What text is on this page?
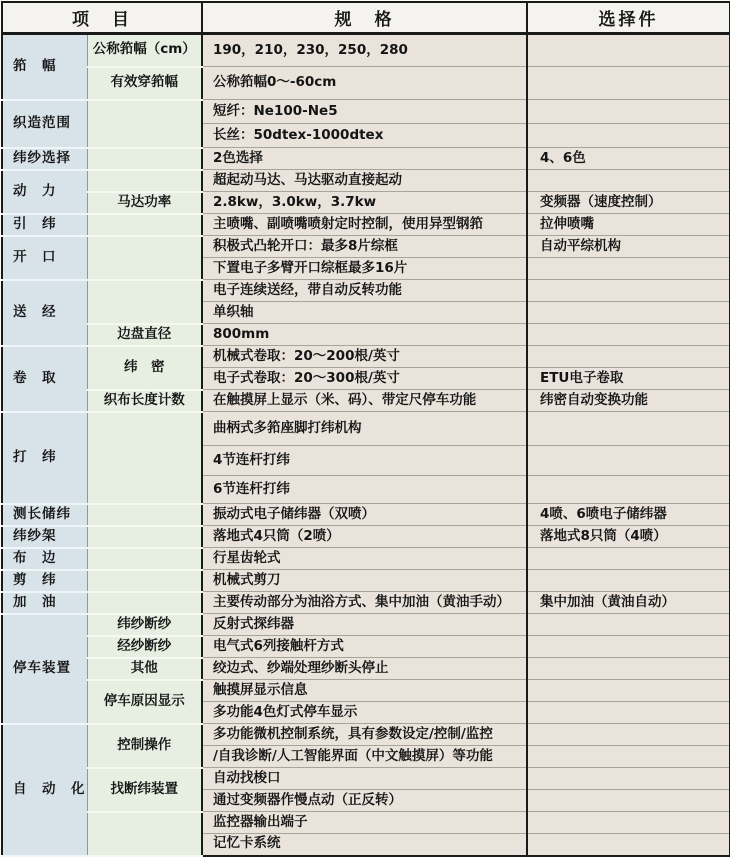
项　目		规　格	选择件
筘　幅	公称筘幅（cm）	190，210，230，250，280	
	有效穿筘幅	公称筘幅0～-60cm	
织造范围		短纤：Ne100-Ne5	
		长丝：50dtex-1000dtex	
纬纱选择		2色选择	4、6色
动　力		超起动马达、马达驱动直接起动	
	马达功率	2.8kw，3.0kw，3.7kw	变频器（速度控制）
引　纬		主喷嘴、副喷嘴喷射定时控制，使用异型钢筘	拉伸喷嘴
开　口		积极式凸轮开口：最多8片综框	自动平综机构
		下置电子多臂开口综框最多16片	
送　经		电子连续送经，带自动反转功能	
		单织轴	
	边盘直径	800mm	
卷　取	纬　密	机械式卷取：20～200根/英寸	
		电子式卷取：20～300根/英寸	ETU电子卷取
	织布长度计数	在触摸屏上显示（米、码）、带定尺停车功能	纬密自动变换功能
打　纬		曲柄式多筘座脚打纬机构	
		4节连杆打纬	
		6节连杆打纬	
测长储纬		振动式电子储纬器（双喷）	4喷、6喷电子储纬器
纬纱架		落地式4只筒（2喷）	落地式8只筒（4喷）
布　边		行星齿轮式	
剪　纬		机械式剪刀	
加　油		主要传动部分为油浴方式、集中加油（黄油手动）	集中加油（黄油自动）
停车装置	纬纱断纱	反射式探纬器	
	经纱断纱	电气式6列接触杆方式	
	其他	绞边式、纱端处理纱断头停止	
	停车原因显示	触摸屏显示信息	
		多功能4色灯式停车显示	
自　动　化	控制操作	多功能微机控制系统，具有参数设定/控制/监控	
		/自我诊断/人工智能界面（中文触摸屏）等功能	
	找断纬装置	自动找梭口	
		通过变频器作慢点动（正反转）	
		监控器输出端子	
		记忆卡系统	
